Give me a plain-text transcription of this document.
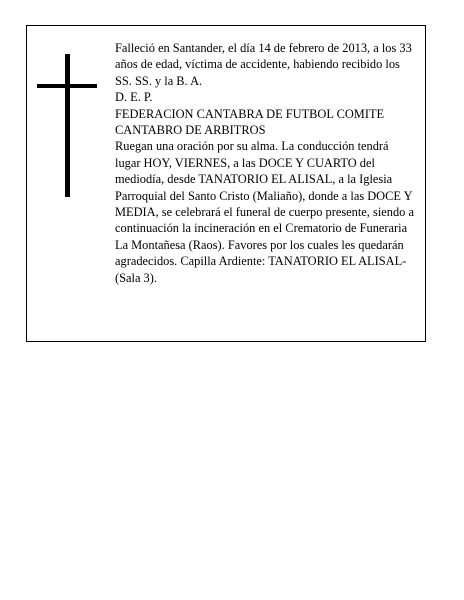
Falleció en Santander, el día 14 de febrero de 2013, a los 33 años de edad, víctima de accidente, habiendo recibido los SS. SS. y la B. A.

D. E. P.

FEDERACION CANTABRA DE FUTBOL COMITE CANTABRO DE ARBITROS

Ruegan una oración por su alma. La conducción tendrá lugar HOY, VIERNES, a las DOCE Y CUARTO del mediodía, desde TANATORIO EL ALISAL, a la Iglesia Parroquial del Santo Cristo (Maliaño), donde a las DOCE Y MEDIA, se celebrará el funeral de cuerpo presente, siendo a continuación la incineración en el Crematorio de Funeraria La Montañesa (Raos). Favores por los cuales les quedarán agradecidos. Capilla Ardiente: TANATORIO EL ALISAL-(Sala 3).
